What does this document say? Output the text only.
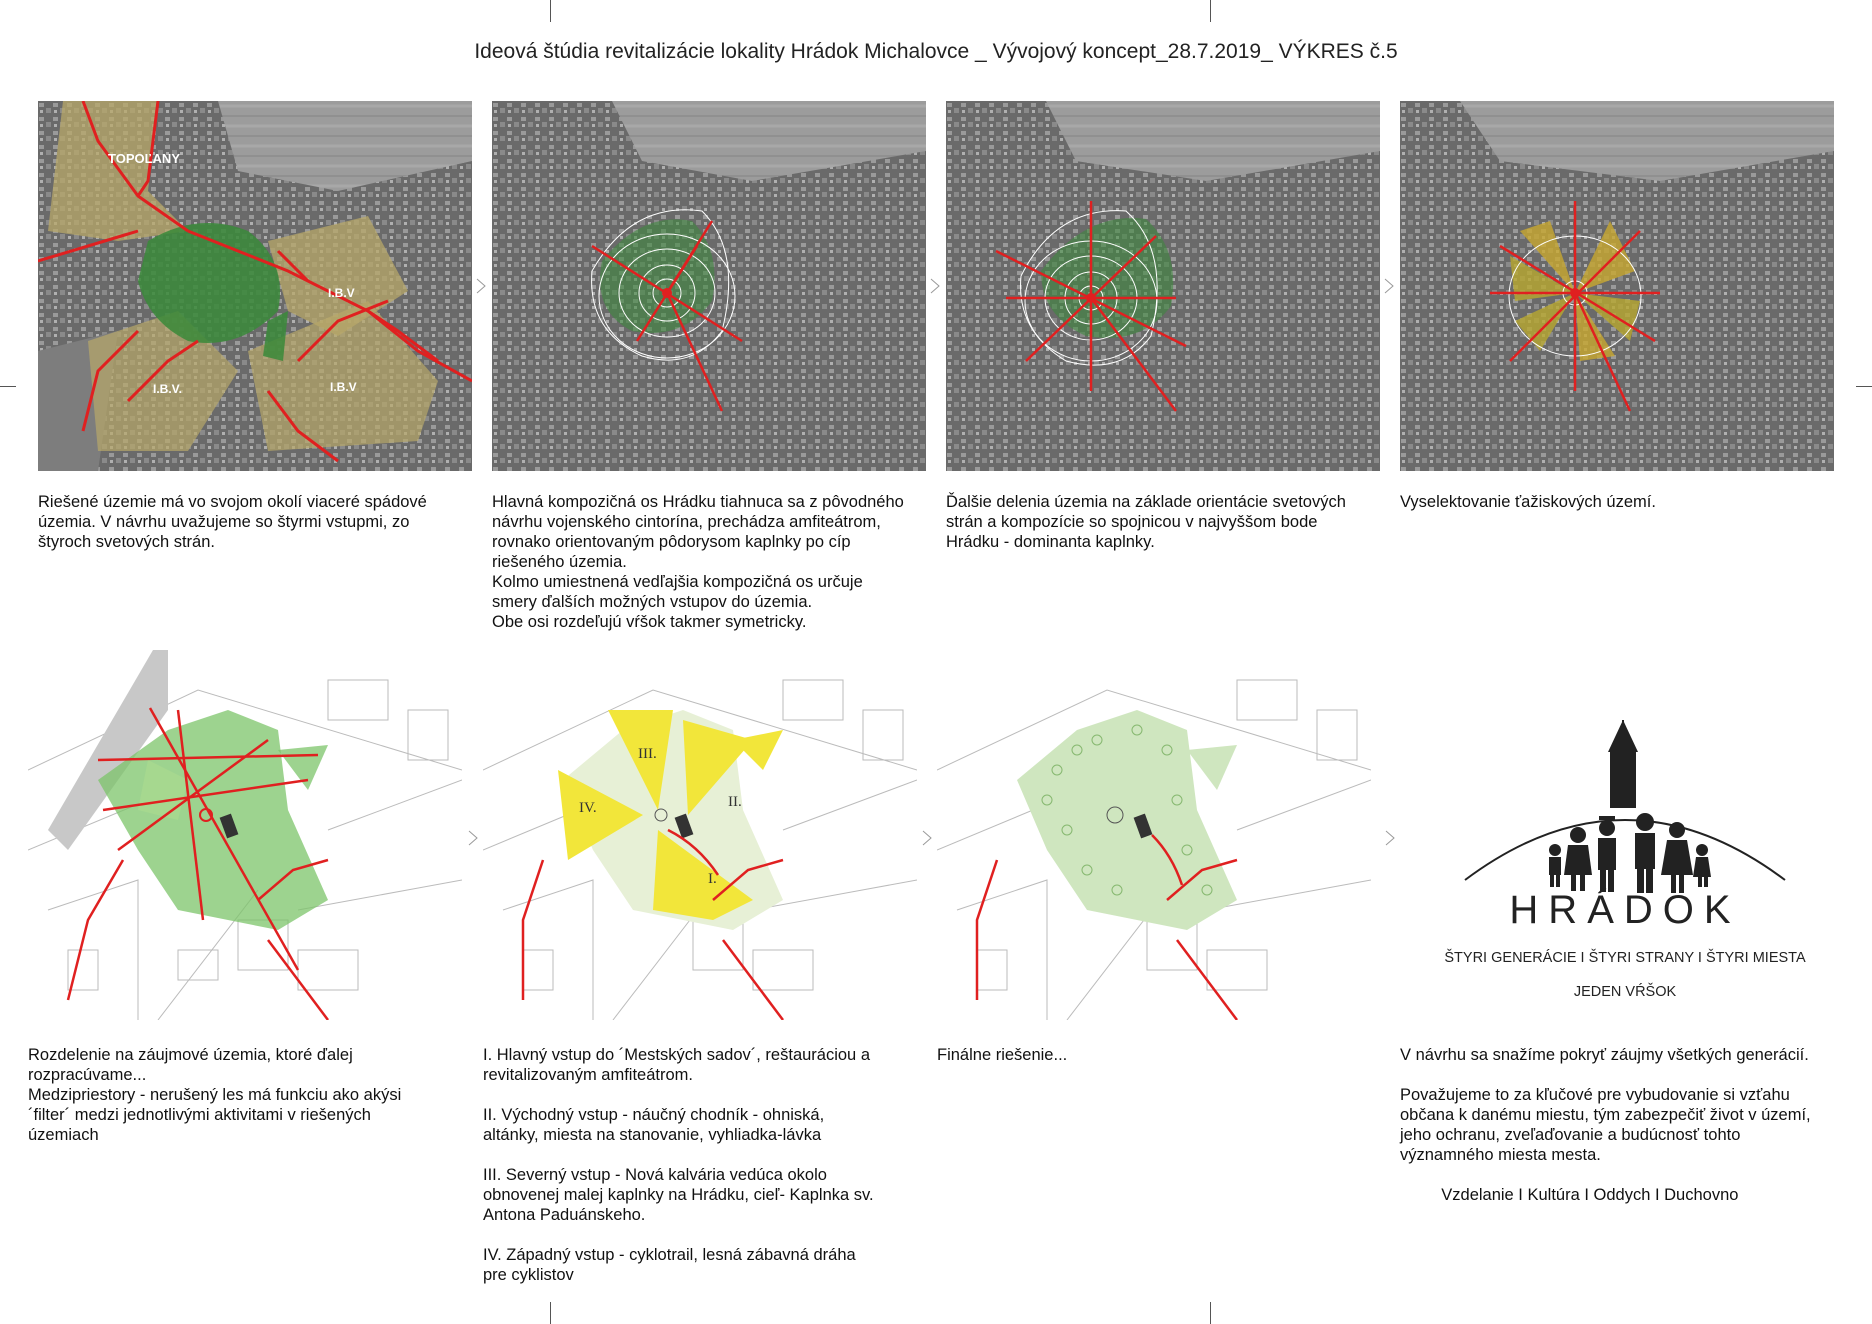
Ideová štúdia revitalizácie lokality Hrádok Michalovce _ Vývojový koncept_28.7.2019_ VÝKRES č.5
TOPOĽANY
I.B.V
I.B.V.	I.B.V

Riešené územie má vo svojom okolí viaceré spádové

územia. V návrhu uvažujeme so štyrmi vstupmi, zo

štyroch svetových strán.

Hlavná kompozičná os Hrádku tiahnuca sa z pôvodného

návrhu vojenského cintorína, prechádza amfiteátrom,

rovnako orientovaným pôdorysom kaplnky po cíp

riešeného územia.

Kolmo umiestnená vedľajšia kompozičná os určuje

smery ďalších možných vstupov do územia.

Obe osi rozdeľujú vŕšok takmer symetricky.

Ďalšie delenia územia na základe orientácie svetových

strán a kompozície so spojnicou v najvyššom bode

Hrádku - dominanta kaplnky.

Vyselektovanie ťažiskových území.

III.
IV.	II.
I.
HRÁDOK
ŠTYRI GENERÁCIE I ŠTYRI STRANY I ŠTYRI MIESTA
JEDEN VŔŠOK

Rozdelenie na záujmové územia, ktoré ďalej

rozpracúvame...

Medzipriestory - nerušený les má funkciu ako akýsi

´filter´ medzi jednotlivými aktivitami v riešených

územiach

I. Hlavný vstup do ´Mestských sadov´, reštauráciou a

revitalizovaným amfiteátrom.

II. Východný vstup - náučný chodník - ohniská,

altánky, miesta na stanovanie, vyhliadka-lávka

III. Severný vstup - Nová kalvária vedúca okolo

obnovenej malej kaplnky na Hrádku, cieľ- Kaplnka sv.

Antona Paduánskeho.

IV. Západný vstup - cyklotrail, lesná zábavná dráha

pre cyklistov

Finálne riešenie...	V návrhu sa snažíme pokryť záujmy všetkých generácií.

Považujeme to za kľučové pre vybudovanie si vzťahu

občana k danému miestu, tým zabezpečiť život v území,

jeho ochranu, zveľaďovanie a budúcnosť tohto

významného miesta mesta.

Vzdelanie I Kultúra I Oddych I Duchovno
